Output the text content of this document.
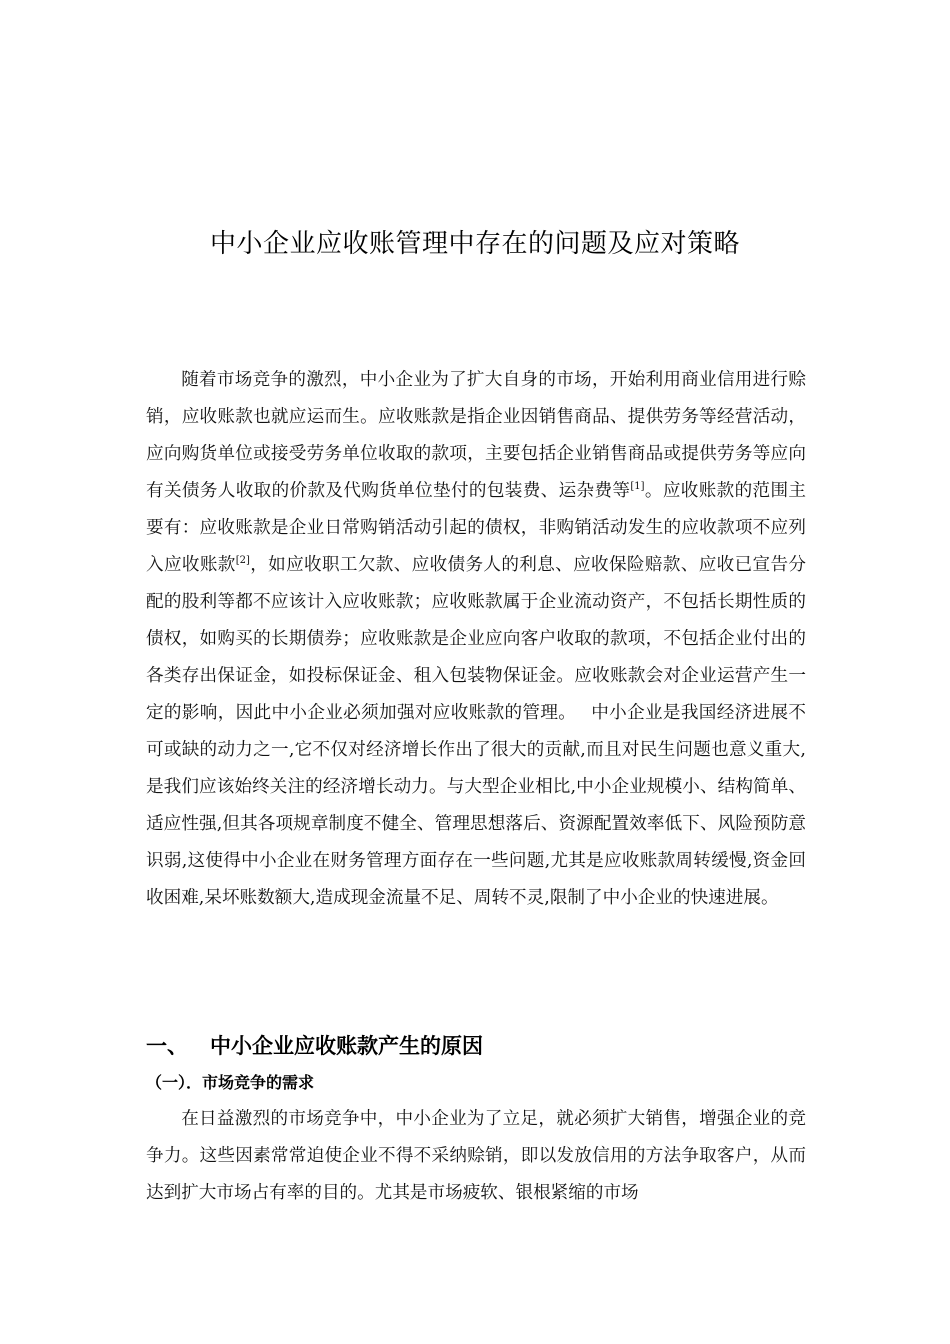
中小企业应收账管理中存在的问题及应对策略

随着市场竞争的激烈，中小企业为了扩大自身的市场，开始利用商业信用进行赊销，应收账款也就应运而生。应收账款是指企业因销售商品、提供劳务等经营活动，应向购货单位或接受劳务单位收取的款项，主要包括企业销售商品或提供劳务等应向有关债务人收取的价款及代购货单位垫付的包装费、运杂费等[1]。应收账款的范围主要有：应收账款是企业日常购销活动引起的债权，非购销活动发生的应收款项不应列入应收账款[2]，如应收职工欠款、应收债务人的利息、应收保险赔款、应收已宣告分配的股利等都不应该计入应收账款；应收账款属于企业流动资产，不包括长期性质的债权，如购买的长期债券；应收账款是企业应向客户收取的款项，不包括企业付出的各类存出保证金，如投标保证金、租入包装物保证金。应收账款会对企业运营产生一定的影响，因此中小企业必须加强对应收账款的管理。　 中小企业是我国经济进展不可或缺的动力之一,它不仅对经济增长作出了很大的贡献,而且对民生问题也意义重大,是我们应该始终关注的经济增长动力。与大型企业相比,中小企业规模小、结构简单、适应性强,但其各项规章制度不健全、管理思想落后、资源配置效率低下、风险预防意识弱,这使得中小企业在财务管理方面存在一些问题,尤其是应收账款周转缓慢,资金回收困难,呆坏账数额大,造成现金流量不足、周转不灵,限制了中小企业的快速进展。

一、 中小企业应收账款产生的原因
（一）．市场竞争的需求

在日益激烈的市场竞争中，中小企业为了立足，就必须扩大销售，增强企业的竞争力。这些因素常常迫使企业不得不采纳赊销，即以发放信用的方法争取客户，从而达到扩大市场占有率的目的。尤其是市场疲软、银根紧缩的市场
